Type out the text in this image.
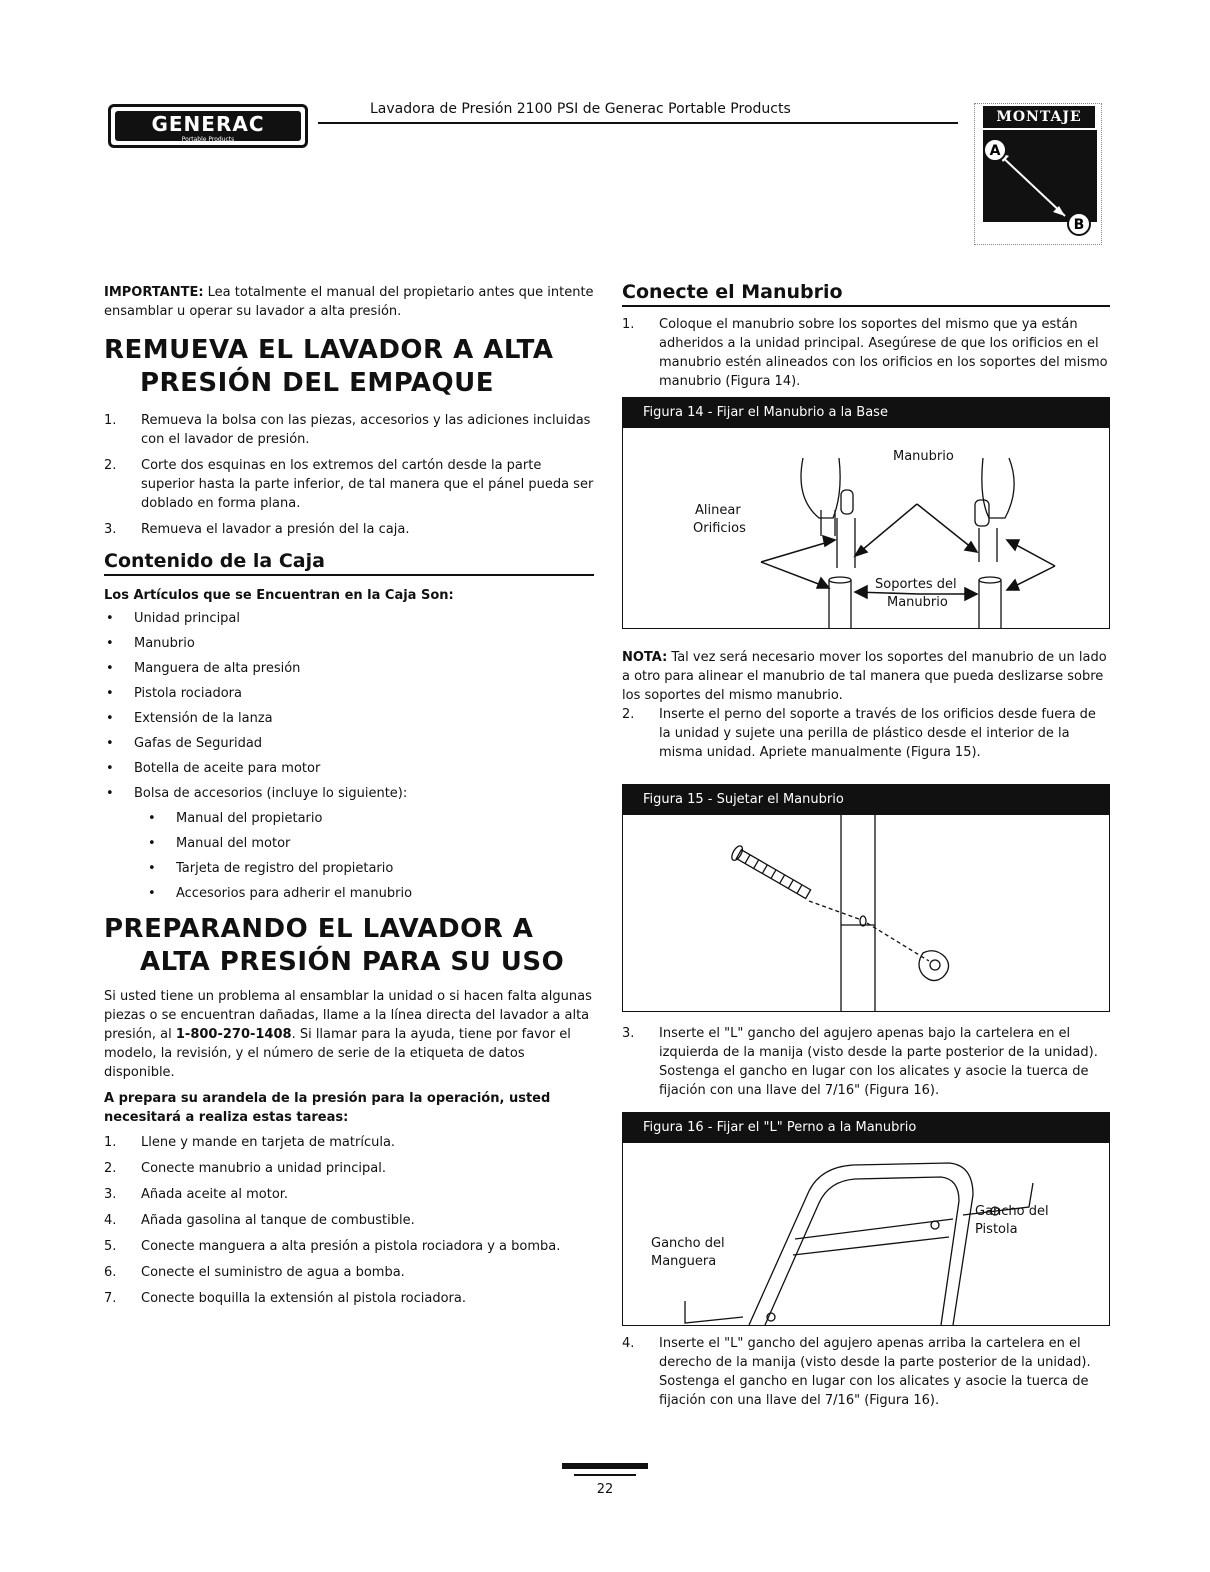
GENERAC
Portable Products
Lavadora de Presión 2100 PSI de Generac Portable Products
A
B
MONTAJE

IMPORTANTE: Lea totalmente el manual del propietario antes que intente ensamblar u operar su lavador a alta presión.

REMUEVA EL LAVADOR A ALTA
PRESIÓN DEL EMPAQUE
1. Remueva la bolsa con las piezas, accesorios y las adiciones incluidas con el lavador de presión.
2. Corte dos esquinas en los extremos del cartón desde la parte superior hasta la parte inferior, de tal manera que el pánel pueda ser doblado en forma plana.
3. Remueva el lavador a presión del la caja.
Contenido de la Caja
Los Artículos que se Encuentran en la Caja Son:
• Unidad principal
• Manubrio
• Manguera de alta presión
• Pistola rociadora
• Extensión de la lanza
• Gafas de Seguridad
• Botella de aceite para motor
• Bolsa de accesorios (incluye lo siguiente):
• Manual del propietario
• Manual del motor
• Tarjeta de registro del propietario
• Accesorios para adherir el manubrio
PREPARANDO EL LAVADOR A
ALTA PRESIÓN PARA SU USO

Si usted tiene un problema al ensamblar la unidad o si hacen falta algunas piezas o se encuentran dañadas, llame a la línea directa del lavador a alta presión, al 1-800-270-1408. Si llamar para la ayuda, tiene por favor el modelo, la revisión, y el número de serie de la etiqueta de datos disponible.

A prepara su arandela de la presión para la operación, usted necesitará a realiza estas tareas:

1. Llene y mande en tarjeta de matrícula.
2. Conecte manubrio a unidad principal.
3. Añada aceite al motor.
4. Añada gasolina al tanque de combustible.
5. Conecte manguera a alta presión a pistola rociadora y a bomba.
6. Conecte el suministro de agua a bomba.
7. Conecte boquilla la extensión al pistola rociadora.
Conecte el Manubrio
1. Coloque el manubrio sobre los soportes del mismo que ya están adheridos a la unidad principal. Asegúrese de que los orificios en el manubrio estén alineados con los orificios en los soportes del mismo manubrio (Figura 14).
Figura 14 - Fijar el Manubrio a la Base
Manubrio
Alinear
Orificios
Soportes del
Manubrio

NOTA: Tal vez será necesario mover los soportes del manubrio de un lado a otro para alinear el manubrio de tal manera que pueda deslizarse sobre los soportes del mismo manubrio.

2. Inserte el perno del soporte a través de los orificios desde fuera de la unidad y sujete una perilla de plástico desde el interior de la misma unidad. Apriete manualmente (Figura 15).
Figura 15 - Sujetar el Manubrio
3. Inserte el "L" gancho del agujero apenas bajo la cartelera en el izquierda de la manija (visto desde la parte posterior de la unidad). Sostenga el gancho en lugar con los alicates y asocie la tuerca de fijación con una llave del 7/16" (Figura 16).
Figura 16 - Fijar el "L" Perno a la Manubrio
Gancho del
Manguera
Gancho del
Pistola
4. Inserte el "L" gancho del agujero apenas arriba la cartelera en el derecho de la manija (visto desde la parte posterior de la unidad). Sostenga el gancho en lugar con los alicates y asocie la tuerca de fijación con una llave del 7/16" (Figura 16).
22
